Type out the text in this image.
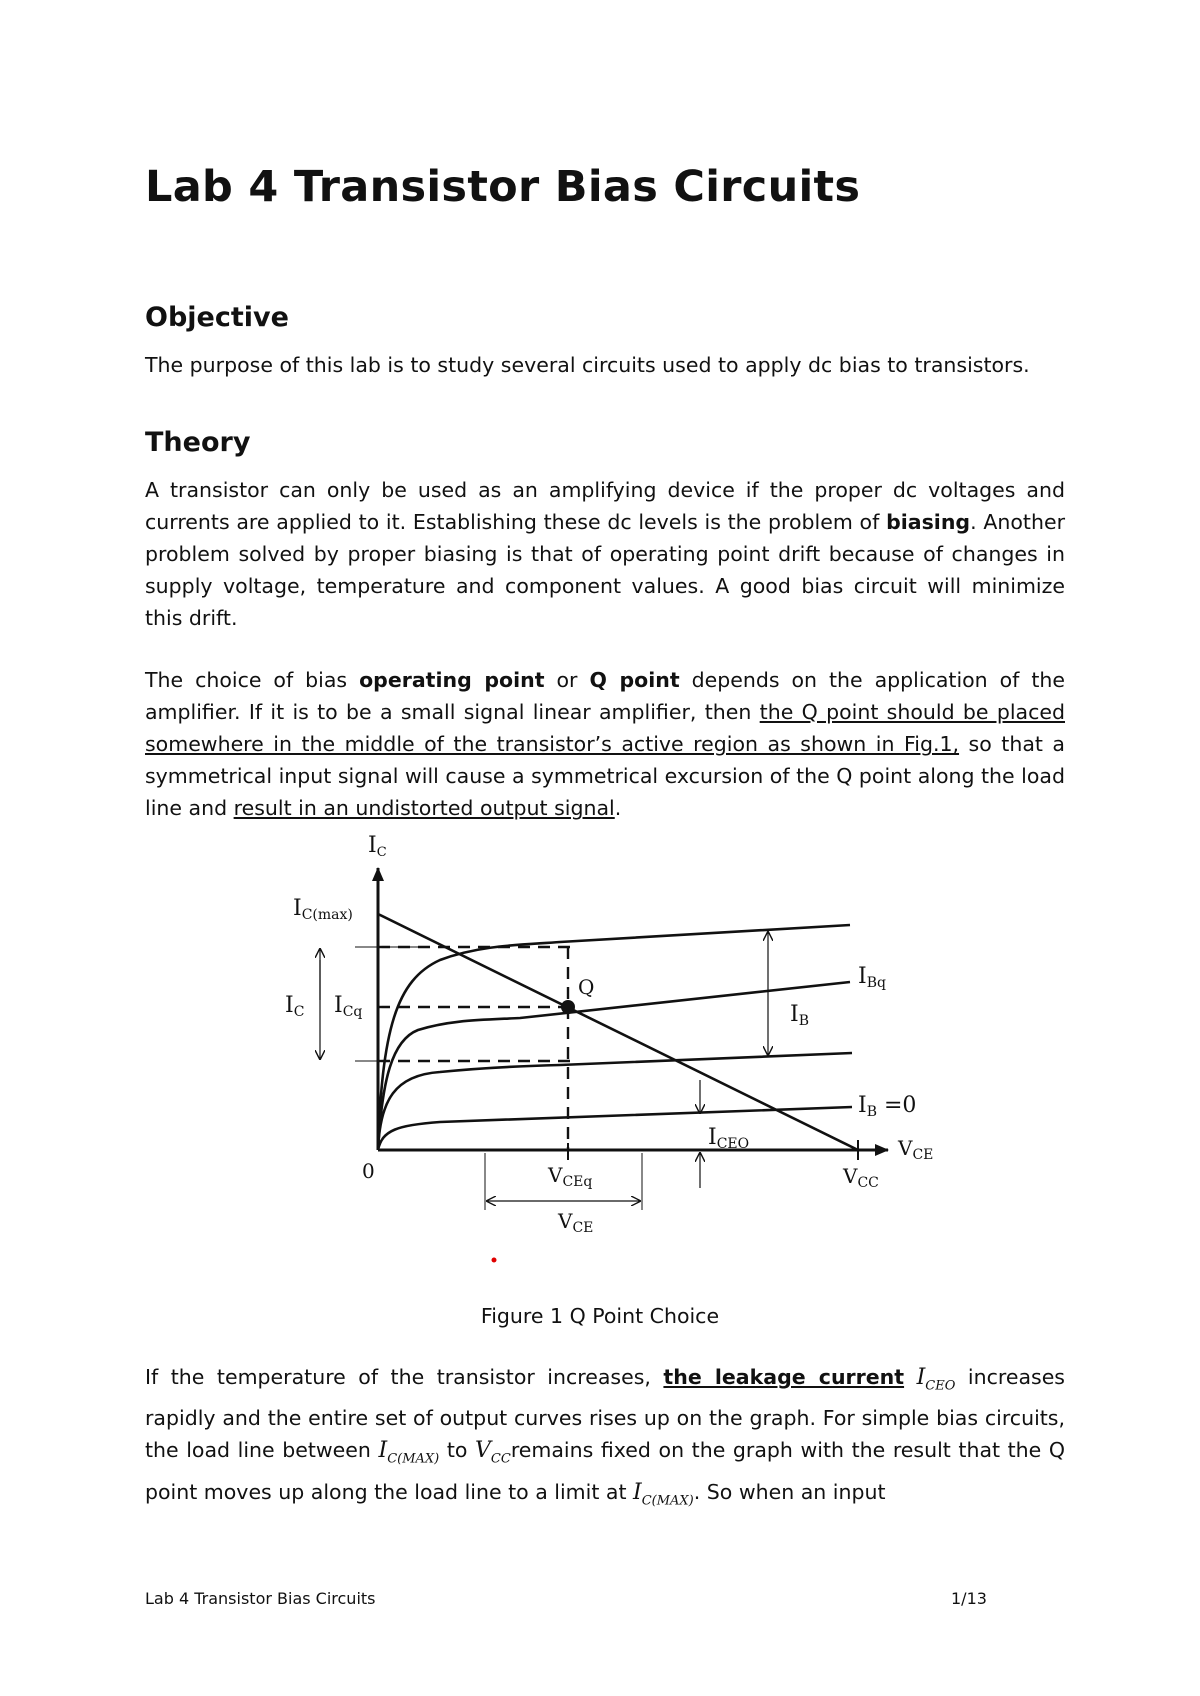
Lab 4 Transistor Bias Circuits
Objective

The purpose of this lab is to study several circuits used to apply dc bias to transistors.

Theory

A transistor can only be used as an amplifying device if the proper dc voltages and currents are applied to it. Establishing these dc levels is the problem of biasing. Another problem solved by proper biasing is that of operating point drift because of changes in supply voltage, temperature and component values. A good bias circuit will minimize this drift.

The choice of bias operating point or Q point depends on the application of the amplifier. If it is to be a small signal linear amplifier, then the Q point should be placed somewhere in the middle of the transistor’s active region as shown in Fig.1, so that a symmetrical input signal will cause a symmetrical excursion of the Q point along the load line and result in an undistorted output signal.

IC
IC(max)
IC ICq
Q
IB
IBq
IB =0
ICEO
0
$V_{CE}$
$V_{CEq}$	$V_{CC}$
$V_{CE}$

Figure 1 Q Point Choice

If the temperature of the transistor increases, the leakage current $I_{CEO}$ increases rapidly and the entire set of output curves rises up on the graph. For simple bias circuits, the load line between $I_{C(MAX)}$ to $V_{CC}remains$ fixed on the graph with the result that the Q point moves up along the load line to a limit at $I_{C(MAX)}$. So when an input

Lab 4 Transistor Bias Circuits	1/13
